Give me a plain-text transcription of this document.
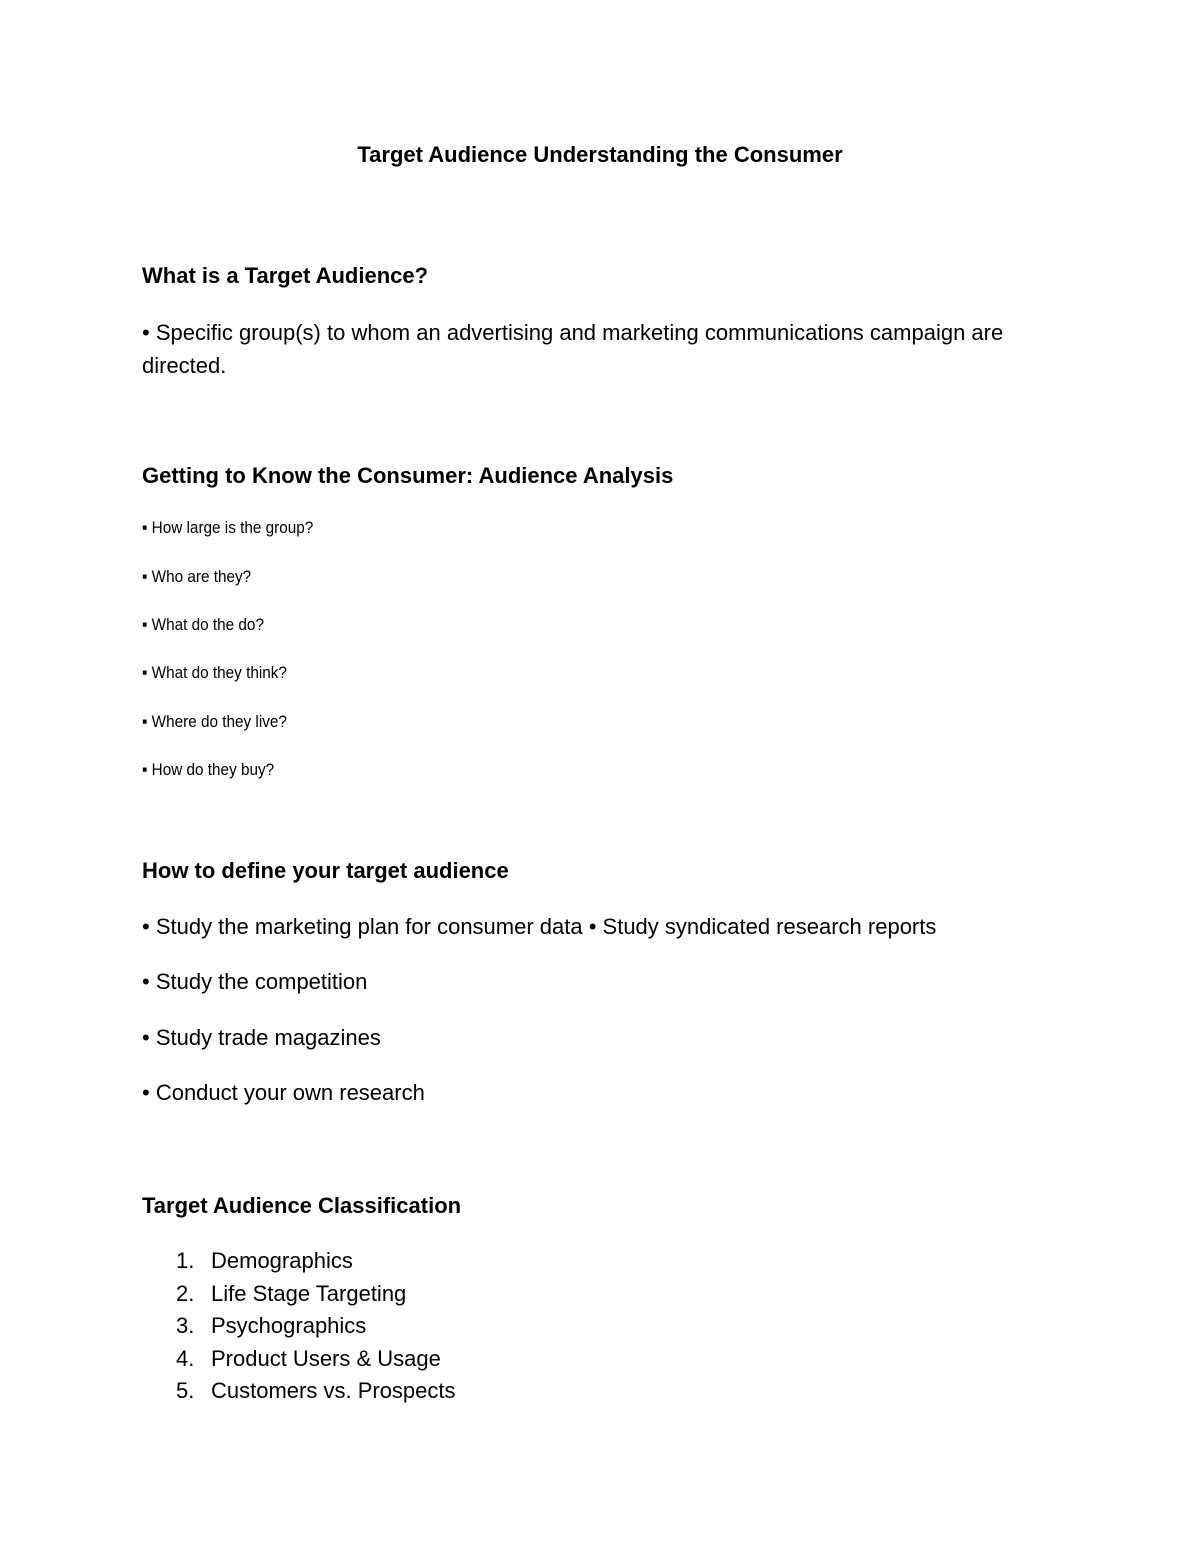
Target Audience Understanding the Consumer
What is a Target Audience?

• Specific group(s) to whom an advertising and marketing communications campaign are directed.

Getting to Know the Consumer: Audience Analysis

▪ How large is the group?

▪ Who are they?

▪ What do the do?

▪ What do they think?

▪ Where do they live?

▪ How do they buy?

How to define your target audience

• Study the marketing plan for consumer data • Study syndicated research reports

• Study the competition

• Study trade magazines

• Conduct your own research

Target Audience Classification

1. Demographics

2. Life Stage Targeting

3. Psychographics

4. Product Users & Usage

5. Customers vs. Prospects
